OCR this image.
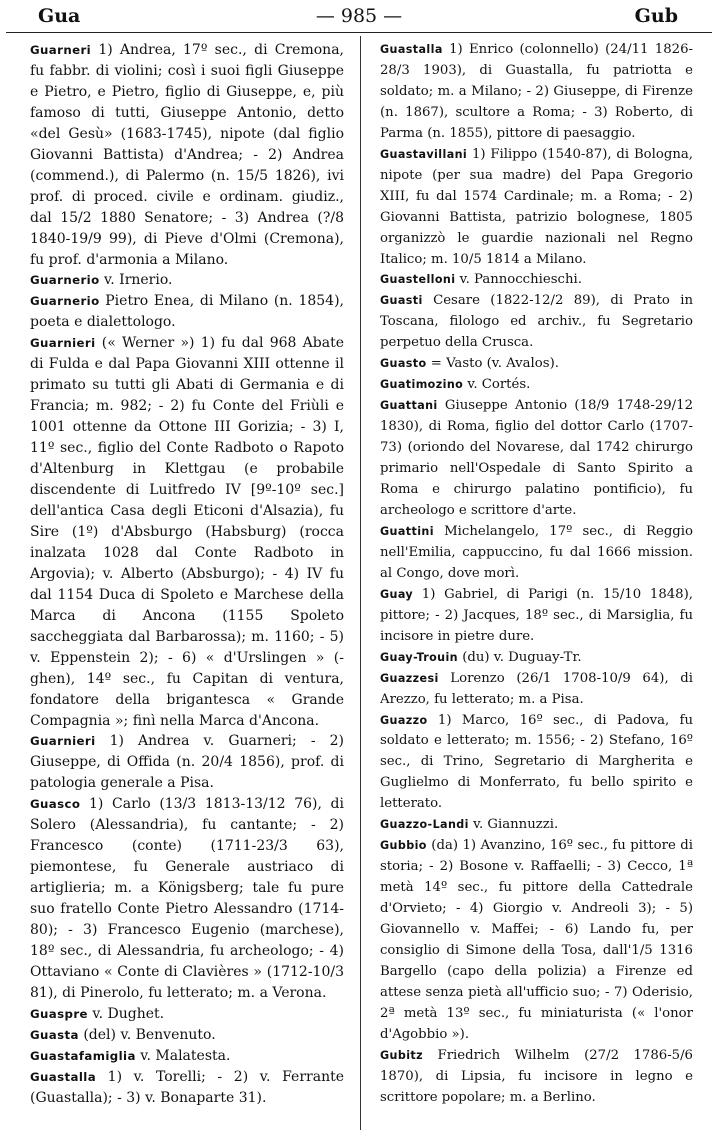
Gua	— 985 —	Gub

Guarneri 1) Andrea, 17º sec., di Cremona, fu fabbr. di violini; così i suoi figli Giuseppe e Pietro, e Pietro, figlio di Giuseppe, e, più famoso di tutti, Giuseppe Antonio, detto «del Gesù» (1683-1745), nipote (dal figlio Giovanni Battista) d'Andrea; - 2) Andrea (commend.), di Palermo (n. 15/5 1826), ivi prof. di proced. civile e ordinam. giudiz., dal 15/2 1880 Senatore; - 3) Andrea (?/8 1840-19/9 99), di Pieve d'Olmi (Cremona), fu prof. d'armonia a Milano.

Guarnerio v. Irnerio.

Guarnerio Pietro Enea, di Milano (n. 1854), poeta e dialettologo.

Guarnieri (« Werner ») 1) fu dal 968 Abate di Fulda e dal Papa Giovanni XIII ottenne il primato su tutti gli Abati di Germania e di Francia; m. 982; - 2) fu Conte del Friùli e 1001 ottenne da Ottone III Gorizia; - 3) I, 11º sec., figlio del Conte Radboto o Rapoto d'Altenburg in Klettgau (e probabile discendente di Luitfredo IV [9º-10º sec.] dell'antica Casa degli Eticoni d'Alsazia), fu Sire (1º) d'Absburgo (Habsburg) (rocca inalzata 1028 dal Conte Radboto in Argovia); v. Alberto (Absburgo); - 4) IV fu dal 1154 Duca di Spoleto e Marchese della Marca di Ancona (1155 Spoleto saccheggiata dal Barbarossa); m. 1160; - 5) v. Eppenstein 2); - 6) « d'Urslingen » (-ghen), 14º sec., fu Capitan di ventura, fondatore della brigantesca « Grande Compagnia »; finì nella Marca d'Ancona.

Guarnieri 1) Andrea v. Guarneri; - 2) Giuseppe, di Offida (n. 20/4 1856), prof. di patologia generale a Pisa.

Guasco 1) Carlo (13/3 1813-13/12 76), di Solero (Alessandria), fu cantante; - 2) Francesco (conte) (1711-23/3 63), piemontese, fu Generale austriaco di artiglieria; m. a Königsberg; tale fu pure suo fratello Conte Pietro Alessandro (1714-80); - 3) Francesco Eugenio (marchese), 18º sec., di Alessandria, fu archeologo; - 4) Ottaviano « Conte di Clavières » (1712-10/3 81), di Pinerolo, fu letterato; m. a Verona.

Guaspre v. Dughet.

Guasta (del) v. Benvenuto.

Guastafamiglia v. Malatesta.

Guastalla 1) v. Torelli; - 2) v. Ferrante (Guastalla); - 3) v. Bonaparte 31).

Guastalla 1) Enrico (colonnello) (24/11 1826-28/3 1903), di Guastalla, fu patriotta e soldato; m. a Milano; - 2) Giuseppe, di Firenze (n. 1867), scultore a Roma; - 3) Roberto, di Parma (n. 1855), pittore di paesaggio.

Guastavillani 1) Filippo (1540-87), di Bologna, nipote (per sua madre) del Papa Gregorio XIII, fu dal 1574 Cardinale; m. a Roma; - 2) Giovanni Battista, patrizio bolognese, 1805 organizzò le guardie nazionali nel Regno Italico; m. 10/5 1814 a Milano.

Guastelloni v. Pannocchieschi.

Guasti Cesare (1822-12/2 89), di Prato in Toscana, filologo ed archiv., fu Segretario perpetuo della Crusca.

Guasto = Vasto (v. Avalos).

Guatimozino v. Cortés.

Guattani Giuseppe Antonio (18/9 1748-29/12 1830), di Roma, figlio del dottor Carlo (1707-73) (oriondo del Novarese, dal 1742 chirurgo primario nell'Ospedale di Santo Spirito a Roma e chirurgo palatino pontificio), fu archeologo e scrittore d'arte.

Guattini Michelangelo, 17º sec., di Reggio nell'Emilia, cappuccino, fu dal 1666 mission. al Congo, dove morì.

Guay 1) Gabriel, di Parigi (n. 15/10 1848), pittore; - 2) Jacques, 18º sec., di Marsiglia, fu incisore in pietre dure.

Guay-Trouin (du) v. Duguay-Tr.

Guazzesi Lorenzo (26/1 1708-10/9 64), di Arezzo, fu letterato; m. a Pisa.

Guazzo 1) Marco, 16º sec., di Padova, fu soldato e letterato; m. 1556; - 2) Stefano, 16º sec., di Trino, Segretario di Margherita e Guglielmo di Monferrato, fu bello spirito e letterato.

Guazzo-Landi v. Giannuzzi.

Gubbio (da) 1) Avanzino, 16º sec., fu pittore di storia; - 2) Bosone v. Raffaelli; - 3) Cecco, 1ª metà 14º sec., fu pittore della Cattedrale d'Orvieto; - 4) Giorgio v. Andreoli 3); - 5) Giovannello v. Maffei; - 6) Lando fu, per consiglio di Simone della Tosa, dall'1/5 1316 Bargello (capo della polizia) a Firenze ed attese senza pietà all'ufficio suo; - 7) Oderisio, 2ª metà 13º sec., fu miniaturista (« l'onor d'Agobbio »).

Gubitz Friedrich Wilhelm (27/2 1786-5/6 1870), di Lipsia, fu incisore in legno e scrittore popolare; m. a Berlino.
